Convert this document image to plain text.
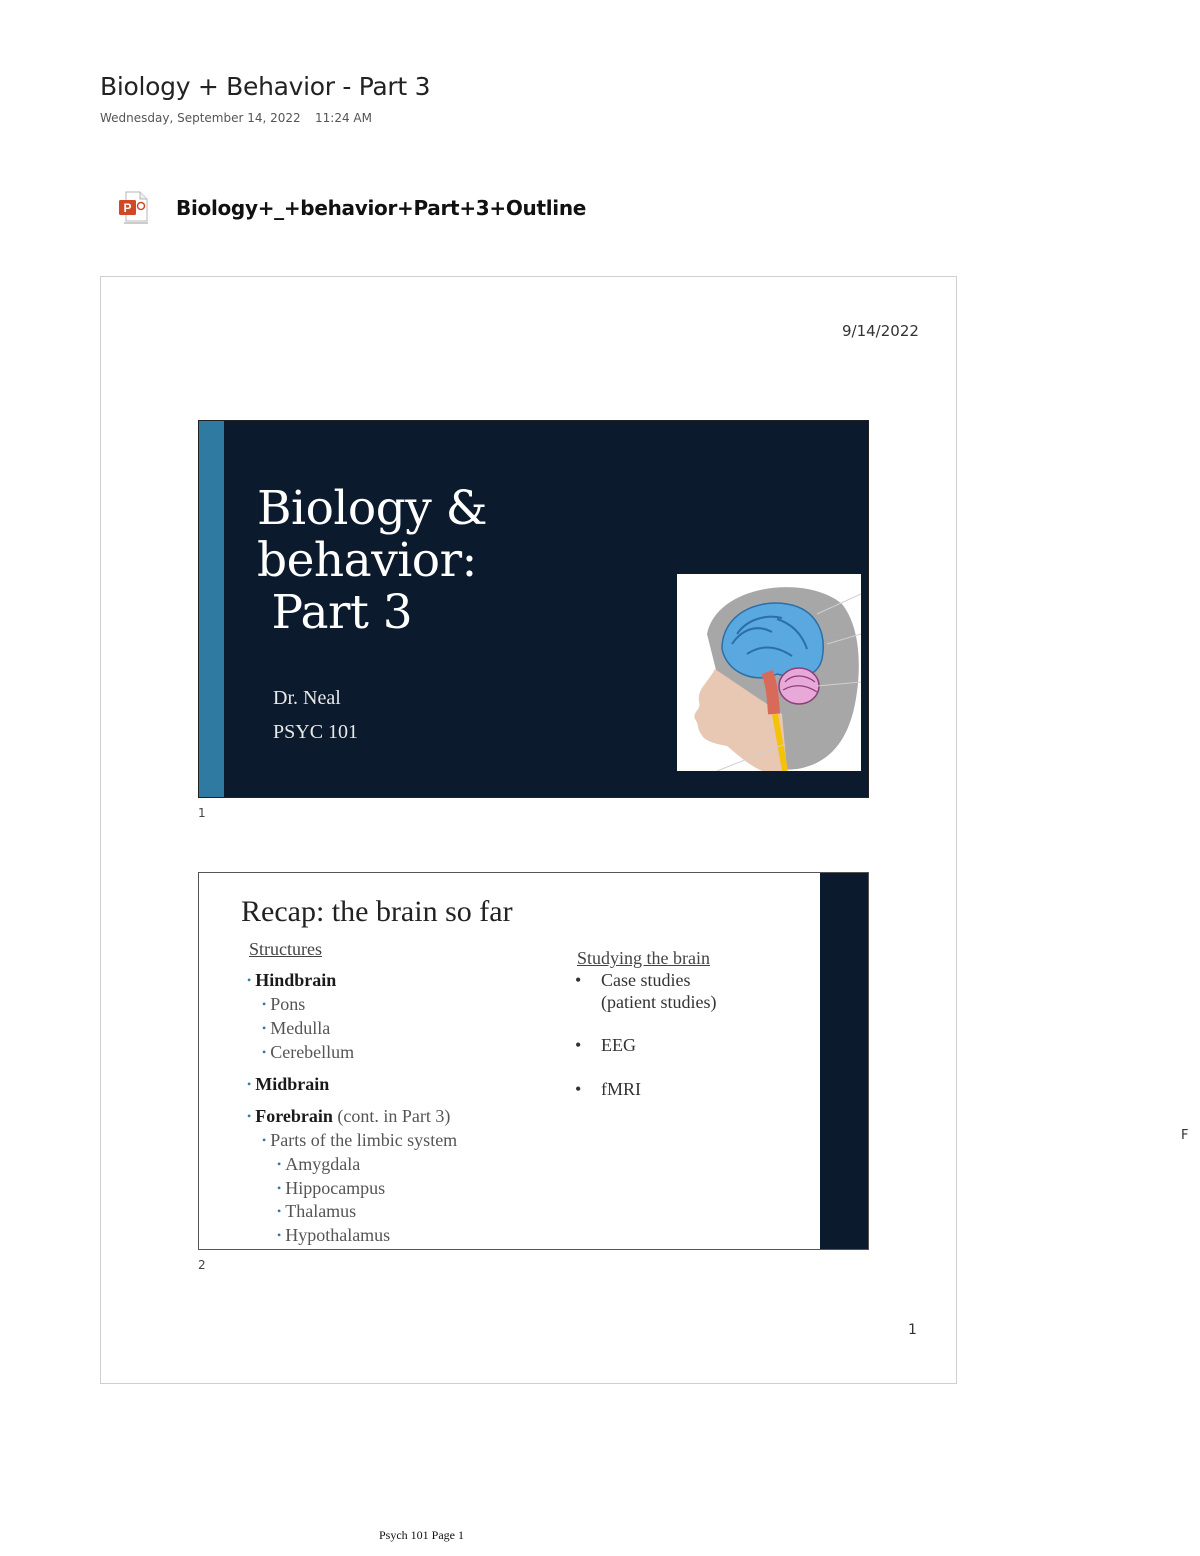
Biology + Behavior - Part 3
Wednesday, September 14, 2022 11:24 AM
P Biology+_+behavior+Part+3+Outline
9/14/2022
Biology &
behavior:
Part 3
Dr. Neal
PSYC 101
1
Recap: the brain so far
Structures
• Hindbrain
• Pons
• Medulla
• Cerebellum
• Midbrain
• Forebrain (cont. in Part 3)
• Parts of the limbic system
• Amygdala
• Hippocampus
• Thalamus
• Hypothalamus
Studying the brain
• Case studies
(patient studies)
• EEG
• fMRI
2
1
F
Psych 101 Page 1
